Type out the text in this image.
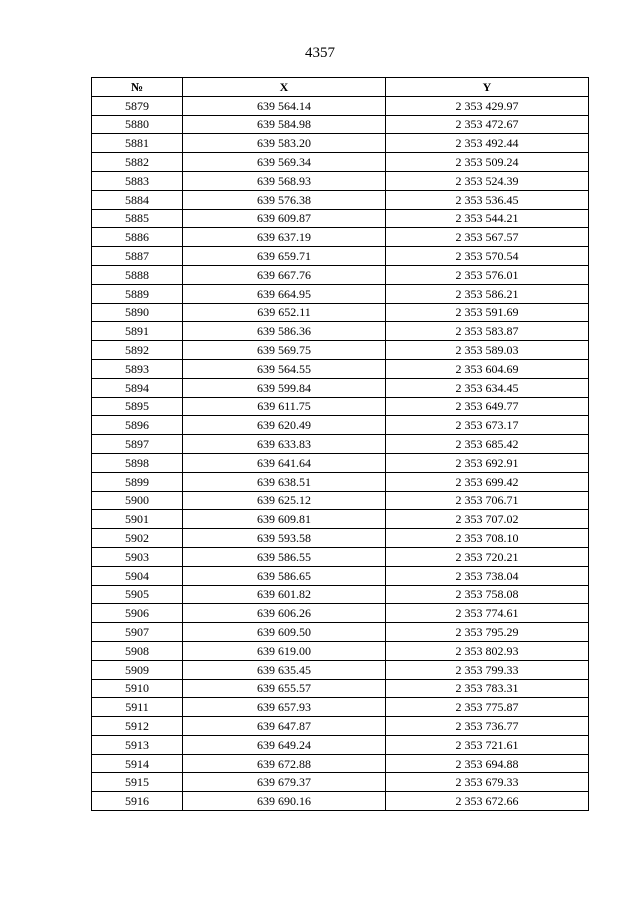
4357
№	X	Y
5879	639 564.14	2 353 429.97
5880	639 584.98	2 353 472.67
5881	639 583.20	2 353 492.44
5882	639 569.34	2 353 509.24
5883	639 568.93	2 353 524.39
5884	639 576.38	2 353 536.45
5885	639 609.87	2 353 544.21
5886	639 637.19	2 353 567.57
5887	639 659.71	2 353 570.54
5888	639 667.76	2 353 576.01
5889	639 664.95	2 353 586.21
5890	639 652.11	2 353 591.69
5891	639 586.36	2 353 583.87
5892	639 569.75	2 353 589.03
5893	639 564.55	2 353 604.69
5894	639 599.84	2 353 634.45
5895	639 611.75	2 353 649.77
5896	639 620.49	2 353 673.17
5897	639 633.83	2 353 685.42
5898	639 641.64	2 353 692.91
5899	639 638.51	2 353 699.42
5900	639 625.12	2 353 706.71
5901	639 609.81	2 353 707.02
5902	639 593.58	2 353 708.10
5903	639 586.55	2 353 720.21
5904	639 586.65	2 353 738.04
5905	639 601.82	2 353 758.08
5906	639 606.26	2 353 774.61
5907	639 609.50	2 353 795.29
5908	639 619.00	2 353 802.93
5909	639 635.45	2 353 799.33
5910	639 655.57	2 353 783.31
5911	639 657.93	2 353 775.87
5912	639 647.87	2 353 736.77
5913	639 649.24	2 353 721.61
5914	639 672.88	2 353 694.88
5915	639 679.37	2 353 679.33
5916	639 690.16	2 353 672.66
